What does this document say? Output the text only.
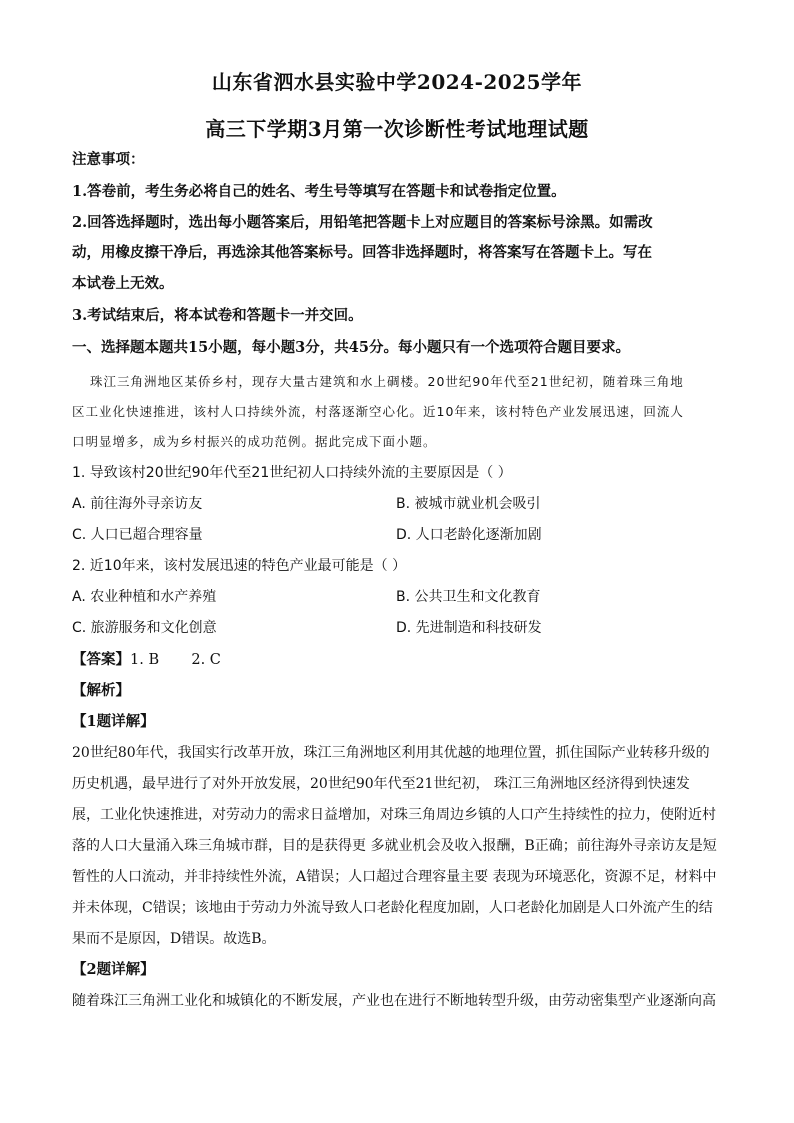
山东省泗水县实验中学2024-2025学年
高三下学期3月第一次诊断性考试地理试题
注意事项：
1.答卷前，考生务必将自己的姓名、考生号等填写在答题卡和试卷指定位置。
2.回答选择题时，选出每小题答案后，用铅笔把答题卡上对应题目的答案标号涂黑。如需改
动，用橡皮擦干净后，再选涂其他答案标号。回答非选择题时，将答案写在答题卡上。写在
本试卷上无效。
3.考试结束后，将本试卷和答题卡一并交回。
一、选择题本题共15小题，每小题3分，共45分。每小题只有一个选项符合题目要求。
珠江三角洲地区某侨乡村，现存大量古建筑和水上碉楼。20世纪90年代至21世纪初，随着珠三角地
区工业化快速推进，该村人口持续外流，村落逐渐空心化。近10年来，该村特色产业发展迅速，回流人
口明显增多，成为乡村振兴的成功范例。据此完成下面小题。
1. 导致该村20世纪90年代至21世纪初人口持续外流的主要原因是（ ）
A. 前往海外寻亲访友	B. 被城市就业机会吸引
C. 人口已超合理容量	D. 人口老龄化逐渐加剧
2. 近10年来，该村发展迅速的特色产业最可能是（ ）
A. 农业种植和水产养殖	B. 公共卫生和文化教育
C. 旅游服务和文化创意	D. 先进制造和科技研发
【答案】1. B       2. C
【解析】
【1题详解】
20世纪80年代，我国实行改革开放，珠江三角洲地区利用其优越的地理位置，抓住国际产业转移升级的
历史机遇，最早进行了对外开放发展，20世纪90年代至21世纪初， 珠江三角洲地区经济得到快速发
展，工业化快速推进，对劳动力的需求日益增加，对珠三角周边乡镇的人口产生持续性的拉力，使附近村
落的人口大量涌入珠三角城市群，目的是获得更 多就业机会及收入报酬，B正确；前往海外寻亲访友是短
暂性的人口流动，并非持续性外流，A错误；人口超过合理容量主要 表现为环境恶化，资源不足，材料中
并未体现，C错误；该地由于劳动力外流导致人口老龄化程度加剧，人口老龄化加剧是人口外流产生的结
果而不是原因，D错误。故选B。
【2题详解】
随着珠江三角洲工业化和城镇化的不断发展，产业也在进行不断地转型升级，由劳动密集型产业逐渐向高
